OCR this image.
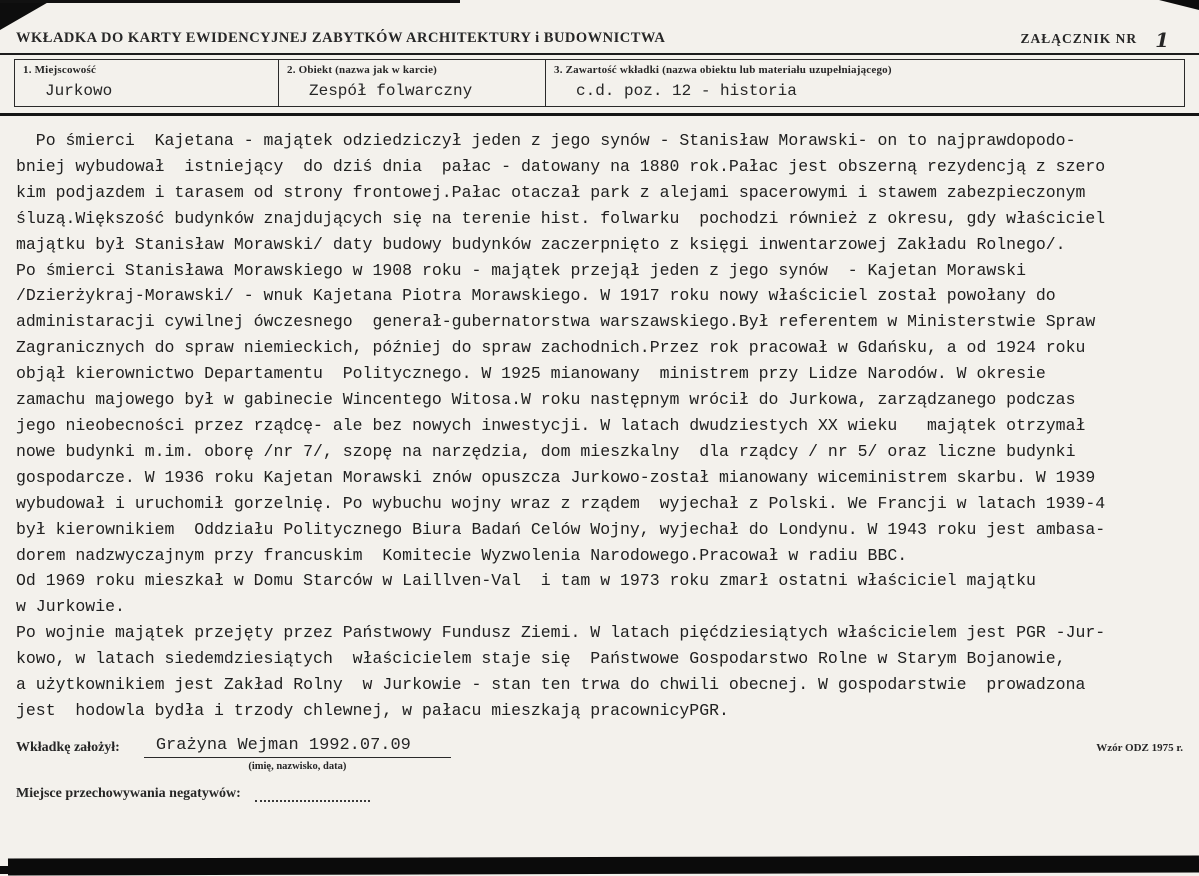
WKŁADKA DO KARTY EWIDENCYJNEJ ZABYTKÓW ARCHITEKTURY i BUDOWNICTWA	ZAŁĄCZNIK NR 1
1. Miejscowość
Jurkowo
2. Obiekt (nazwa jak w karcie)
Zespół folwarczny
3. Zawartość wkładki (nazwa obiektu lub materiału uzupełniającego)
c.d. poz. 12 - historia
Po śmierci  Kajetana - majątek odziedziczył jeden z jego synów - Stanisław Morawski- on to najprawdopodo-
bniej wybudował  istniejący  do dziś dnia  pałac - datowany na 1880 rok.Pałac jest obszerną rezydencją z szero
kim podjazdem i tarasem od strony frontowej.Pałac otaczał park z alejami spacerowymi i stawem zabezpieczonym
śluzą.Większość budynków znajdujących się na terenie hist. folwarku  pochodzi również z okresu, gdy właściciel
majątku był Stanisław Morawski/ daty budowy budynków zaczerpnięto z księgi inwentarzowej Zakładu Rolnego/.
Po śmierci Stanisława Morawskiego w 1908 roku - majątek przejął jeden z jego synów  - Kajetan Morawski
/Dzierżykraj-Morawski/ - wnuk Kajetana Piotra Morawskiego. W 1917 roku nowy właściciel został powołany do
administaracji cywilnej ówczesnego  generał-gubernatorstwa warszawskiego.Był referentem w Ministerstwie Spraw
Zagranicznych do spraw niemieckich, później do spraw zachodnich.Przez rok pracował w Gdańsku, a od 1924 roku
objął kierownictwo Departamentu  Politycznego. W 1925 mianowany  ministrem przy Lidze Narodów. W okresie
zamachu majowego był w gabinecie Wincentego Witosa.W roku następnym wrócił do Jurkowa, zarządzanego podczas
jego nieobecności przez rządcę- ale bez nowych inwestycji. W latach dwudziestych XX wieku   majątek otrzymał
nowe budynki m.im. oborę /nr 7/, szopę na narzędzia, dom mieszkalny  dla rządcy / nr 5/ oraz liczne budynki
gospodarcze. W 1936 roku Kajetan Morawski znów opuszcza Jurkowo-został mianowany wiceministrem skarbu. W 1939
wybudował i uruchomił gorzelnię. Po wybuchu wojny wraz z rządem  wyjechał z Polski. We Francji w latach 1939-4
był kierownikiem  Oddziału Politycznego Biura Badań Celów Wojny, wyjechał do Londynu. W 1943 roku jest ambasa-
dorem nadzwyczajnym przy francuskim  Komitecie Wyzwolenia Narodowego.Pracował w radiu BBC.
Od 1969 roku mieszkał w Domu Starców w Laillven-Val  i tam w 1973 roku zmarł ostatni właściciel majątku
w Jurkowie.
Po wojnie majątek przejęty przez Państwowy Fundusz Ziemi. W latach pięćdziesiątych właścicielem jest PGR -Jur-
kowo, w latach siedemdziesiątych  właścicielem staje się  Państwowe Gospodarstwo Rolne w Starym Bojanowie,
a użytkownikiem jest Zakład Rolny  w Jurkowie - stan ten trwa do chwili obecnej. W gospodarstwie  prowadzona
jest  hodowla bydła i trzody chlewnej, w pałacu mieszkają pracownicyPGR.
Wkładkę założył:	Grażyna Wejman 1992.07.09
(imię, nazwisko, data)
Wzór ODZ 1975 r.
Miejsce przechowywania negatywów:
